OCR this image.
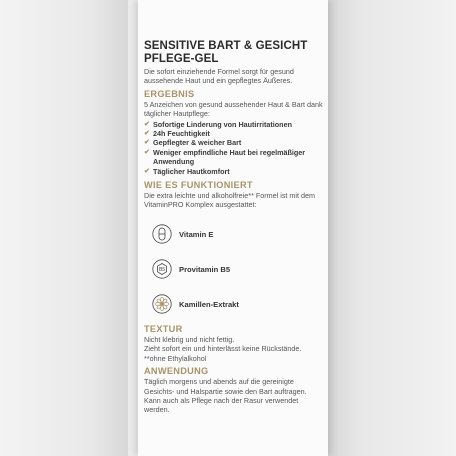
SENSITIVE BART & GESICHT PFLEGE-GEL
Die sofort einziehende Formel sorgt für gesund aussehende Haut und ein gepflegtes Äußeres.
ERGEBNIS
5 Anzeichen von gesund aussehender Haut & Bart dank täglicher Hautpflege:
✔ Sofortige Linderung von Hautirritationen
✔ 24h Feuchtigkeit
✔ Gepflegter & weicher Bart
✔ Weniger empfindliche Haut bei regelmäßiger Anwendung
✔ Täglicher Hautkomfort
WIE ES FUNKTIONIERT
Die extra leichte und alkoholfreie** Formel ist mit dem VitaminPRO Komplex ausgestattet:
Vitamin E
B5 Provitamin B5
Kamillen-Extrakt
TEXTUR
Nicht klebrig und nicht fettig.
Zieht sofort ein und hinterlässt keine Rückstände.
**ohne Ethylalkohol
ANWENDUNG
Täglich morgens und abends auf die gereinigte Gesichts- und Halspartie sowie den Bart auftragen.
Kann auch als Pflege nach der Rasur verwendet werden.
